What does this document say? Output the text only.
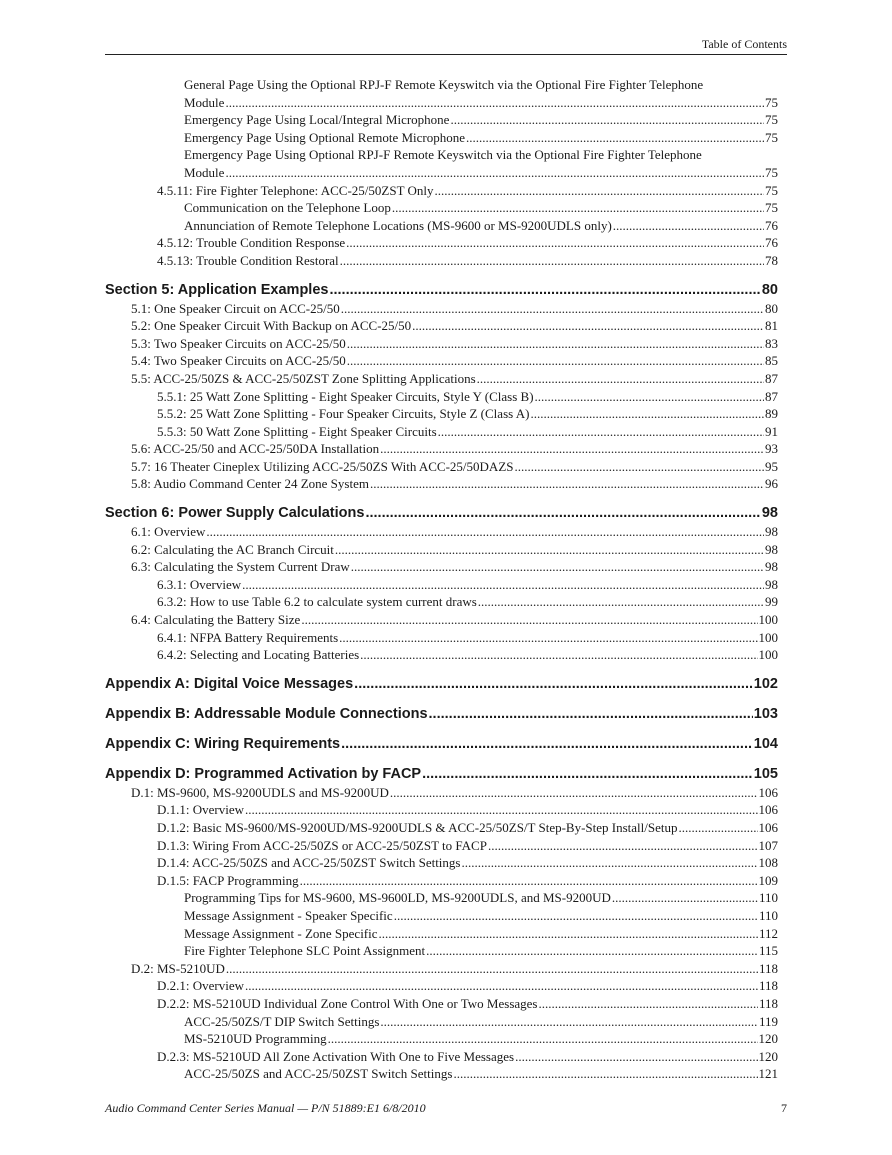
Table of Contents
General Page Using the Optional RPJ-F Remote Keyswitch via the Optional Fire Fighter Telephone
Module .....	75
Emergency Page Using Local/Integral Microphone .....	75
Emergency Page Using Optional Remote Microphone .....	75
Emergency Page Using Optional RPJ-F Remote Keyswitch via the Optional Fire Fighter Telephone
Module .....	75
4.5.11: Fire Fighter Telephone: ACC-25/50ZST Only .....	75
Communication on the Telephone Loop .....	75
Annunciation of Remote Telephone Locations (MS-9600 or MS-9200UDLS only) .....	76
4.5.12: Trouble Condition Response .....	76
4.5.13: Trouble Condition Restoral .....	78
Section 5: Application Examples .....	80
5.1: One Speaker Circuit on ACC-25/50 .....	80
5.2: One Speaker Circuit With Backup on ACC-25/50 .....	81
5.3: Two Speaker Circuits on ACC-25/50 .....	83
5.4: Two Speaker Circuits on ACC-25/50 .....	85
5.5: ACC-25/50ZS & ACC-25/50ZST Zone Splitting Applications .....	87
5.5.1: 25 Watt Zone Splitting - Eight Speaker Circuits, Style Y (Class B) .....	87
5.5.2: 25 Watt Zone Splitting - Four Speaker Circuits, Style Z (Class A) .....	89
5.5.3: 50 Watt Zone Splitting - Eight Speaker Circuits .....	91
5.6: ACC-25/50 and ACC-25/50DA Installation .....	93
5.7: 16 Theater Cineplex Utilizing ACC-25/50ZS With ACC-25/50DAZS .....	95
5.8: Audio Command Center 24 Zone System .....	96
Section 6: Power Supply Calculations .....	98
6.1: Overview .....	98
6.2: Calculating the AC Branch Circuit .....	98
6.3: Calculating the System Current Draw .....	98
6.3.1: Overview .....	98
6.3.2: How to use Table 6.2 to calculate system current draws .....	99
6.4: Calculating the Battery Size .....	100
6.4.1: NFPA Battery Requirements .....	100
6.4.2: Selecting and Locating Batteries .....	100
Appendix A: Digital Voice Messages .....	102
Appendix B: Addressable Module Connections .....	103
Appendix C: Wiring Requirements .....	104
Appendix D: Programmed Activation by FACP .....	105
D.1: MS-9600, MS-9200UDLS and MS-9200UD .....	106
D.1.1: Overview .....	106
D.1.2: Basic MS-9600/MS-9200UD/MS-9200UDLS & ACC-25/50ZS/T Step-By-Step Install/Setup .....	106
D.1.3: Wiring From ACC-25/50ZS or ACC-25/50ZST to FACP .....	107
D.1.4: ACC-25/50ZS and ACC-25/50ZST Switch Settings .....	108
D.1.5: FACP Programming .....	109
Programming Tips for MS-9600, MS-9600LD, MS-9200UDLS, and MS-9200UD .....	110
Message Assignment - Speaker Specific .....	110
Message Assignment - Zone Specific .....	112
Fire Fighter Telephone SLC Point Assignment .....	115
D.2: MS-5210UD .....	118
D.2.1: Overview .....	118
D.2.2: MS-5210UD Individual Zone Control With One or Two Messages .....	118
ACC-25/50ZS/T DIP Switch Settings .....	119
MS-5210UD Programming .....	120
D.2.3: MS-5210UD All Zone Activation With One to Five Messages .....	120
ACC-25/50ZS and ACC-25/50ZST Switch Settings .....	121
Audio Command Center Series Manual — P/N 51889:E1 6/8/2010	7
